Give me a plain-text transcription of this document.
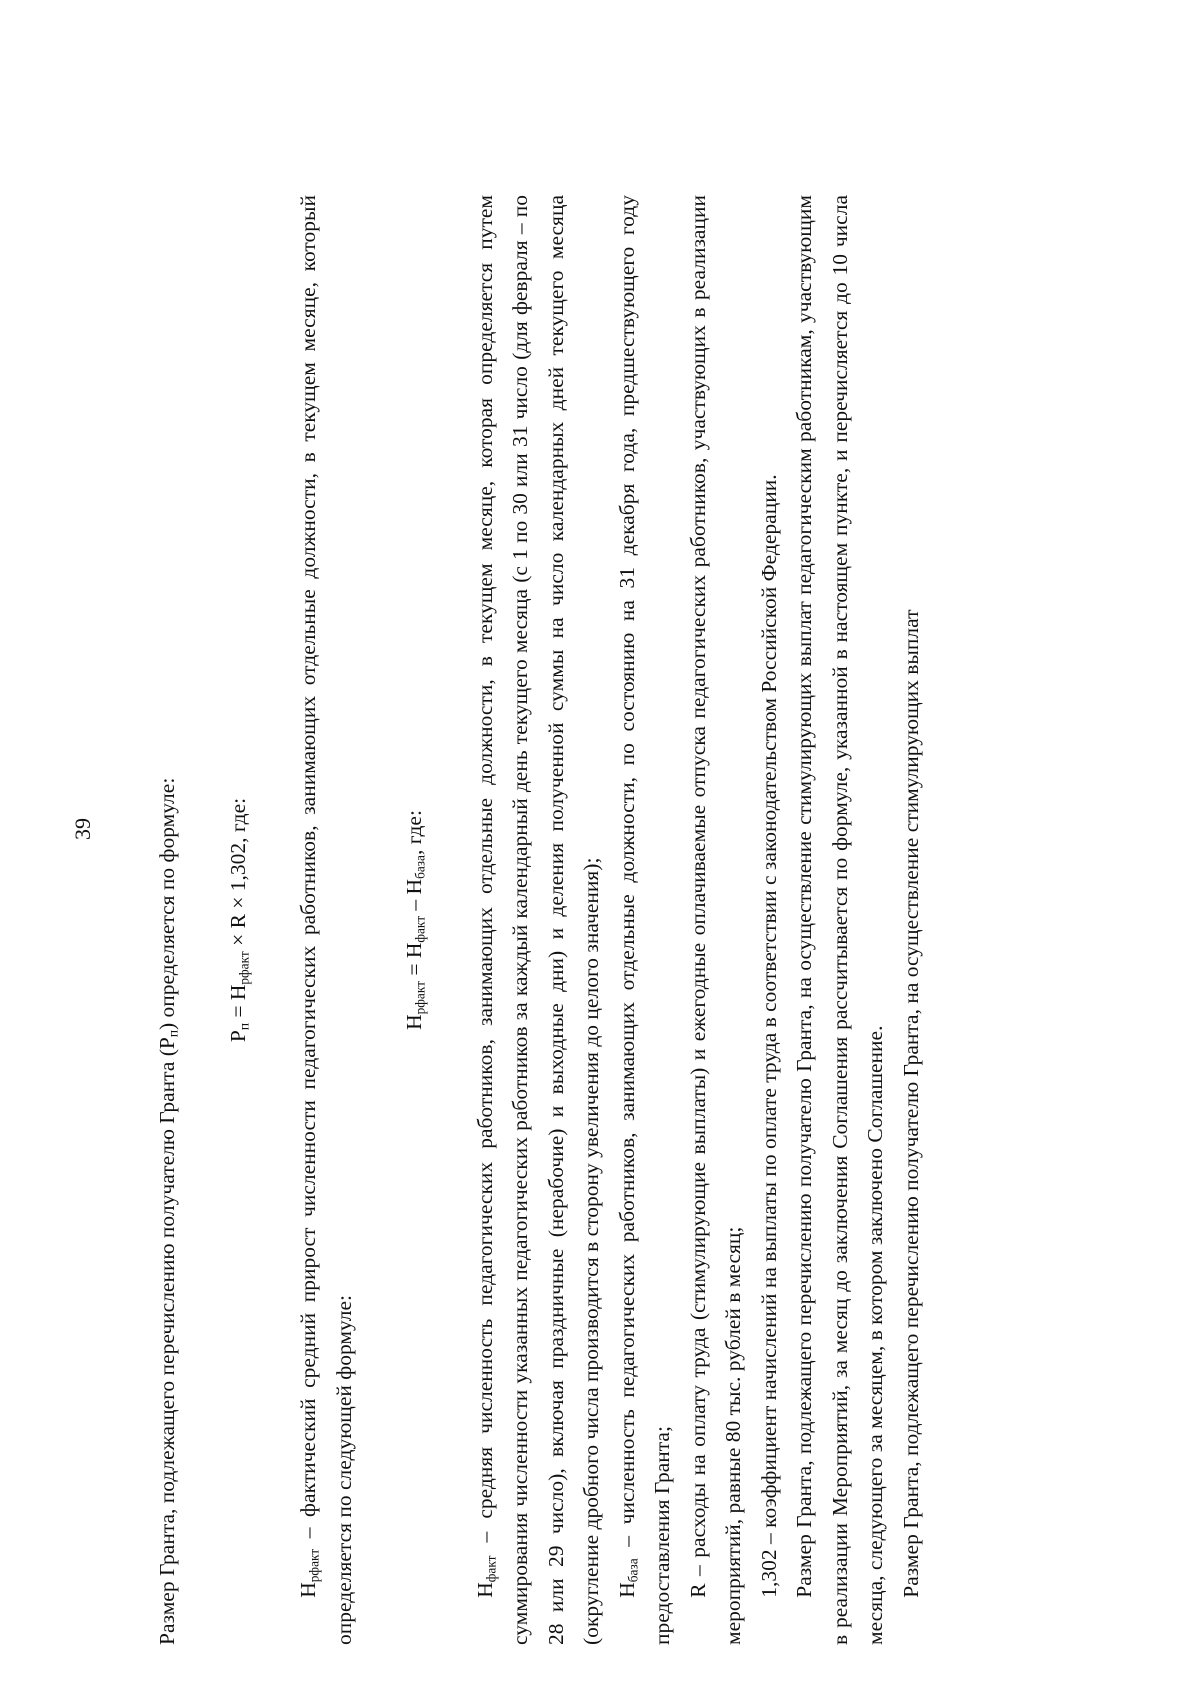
39

Размер Гранта, подлежащего перечислению получателю Гранта $(Р_п)$ определяется по формуле:

$Р_п = Н_{рфакт} \times R \times 1,302$, где:

$Н_{рфакт}$ – фактический средний прирост численности педагогических работников, занимающих отдельные должности, в текущем месяце, который определяется по следующей формуле:

$Н_{рфакт} = Н_{факт} - Н_{база}$, где:

$Н_{факт}$ – средняя численность педагогических работников, занимающих отдельные должности, в текущем месяце, которая определяется путем суммирования численности указанных педагогических работников за каждый календарный день текущего месяца (с 1 по 30 или 31 число (для февраля – по 28 или 29 число), включая праздничные (нерабочие) и выходные дни) и деления полученной суммы на число календарных дней текущего месяца (округление дробного числа производится в сторону увеличения до целого значения); $Н_{база}$ – численность педагогических работников, занимающих отдельные должности, по состоянию на 31 декабря года, предшествующего году предоставления Гранта; R – расходы на оплату труда (стимулирующие выплаты) и ежегодные оплачиваемые отпуска педагогических работников, участвующих в реализации мероприятий, равные 80 тыс. рублей в месяц; 1,302 – коэффициент начислений на выплаты по оплате труда в соответствии с законодательством Российской Федерации. Размер Гранта, подлежащего перечислению получателю Гранта, на осуществление стимулирующих выплат педагогическим работникам, участвующим в реализации Мероприятий, за месяц до заключения Соглашения рассчитывается по формуле, указанной в настоящем пункте, и перечисляется до 10 числа месяца, следующего за месяцем, в котором заключено Соглашение. Размер Гранта, подлежащего перечислению получателю Гранта, на осуществление стимулирующих выплат
